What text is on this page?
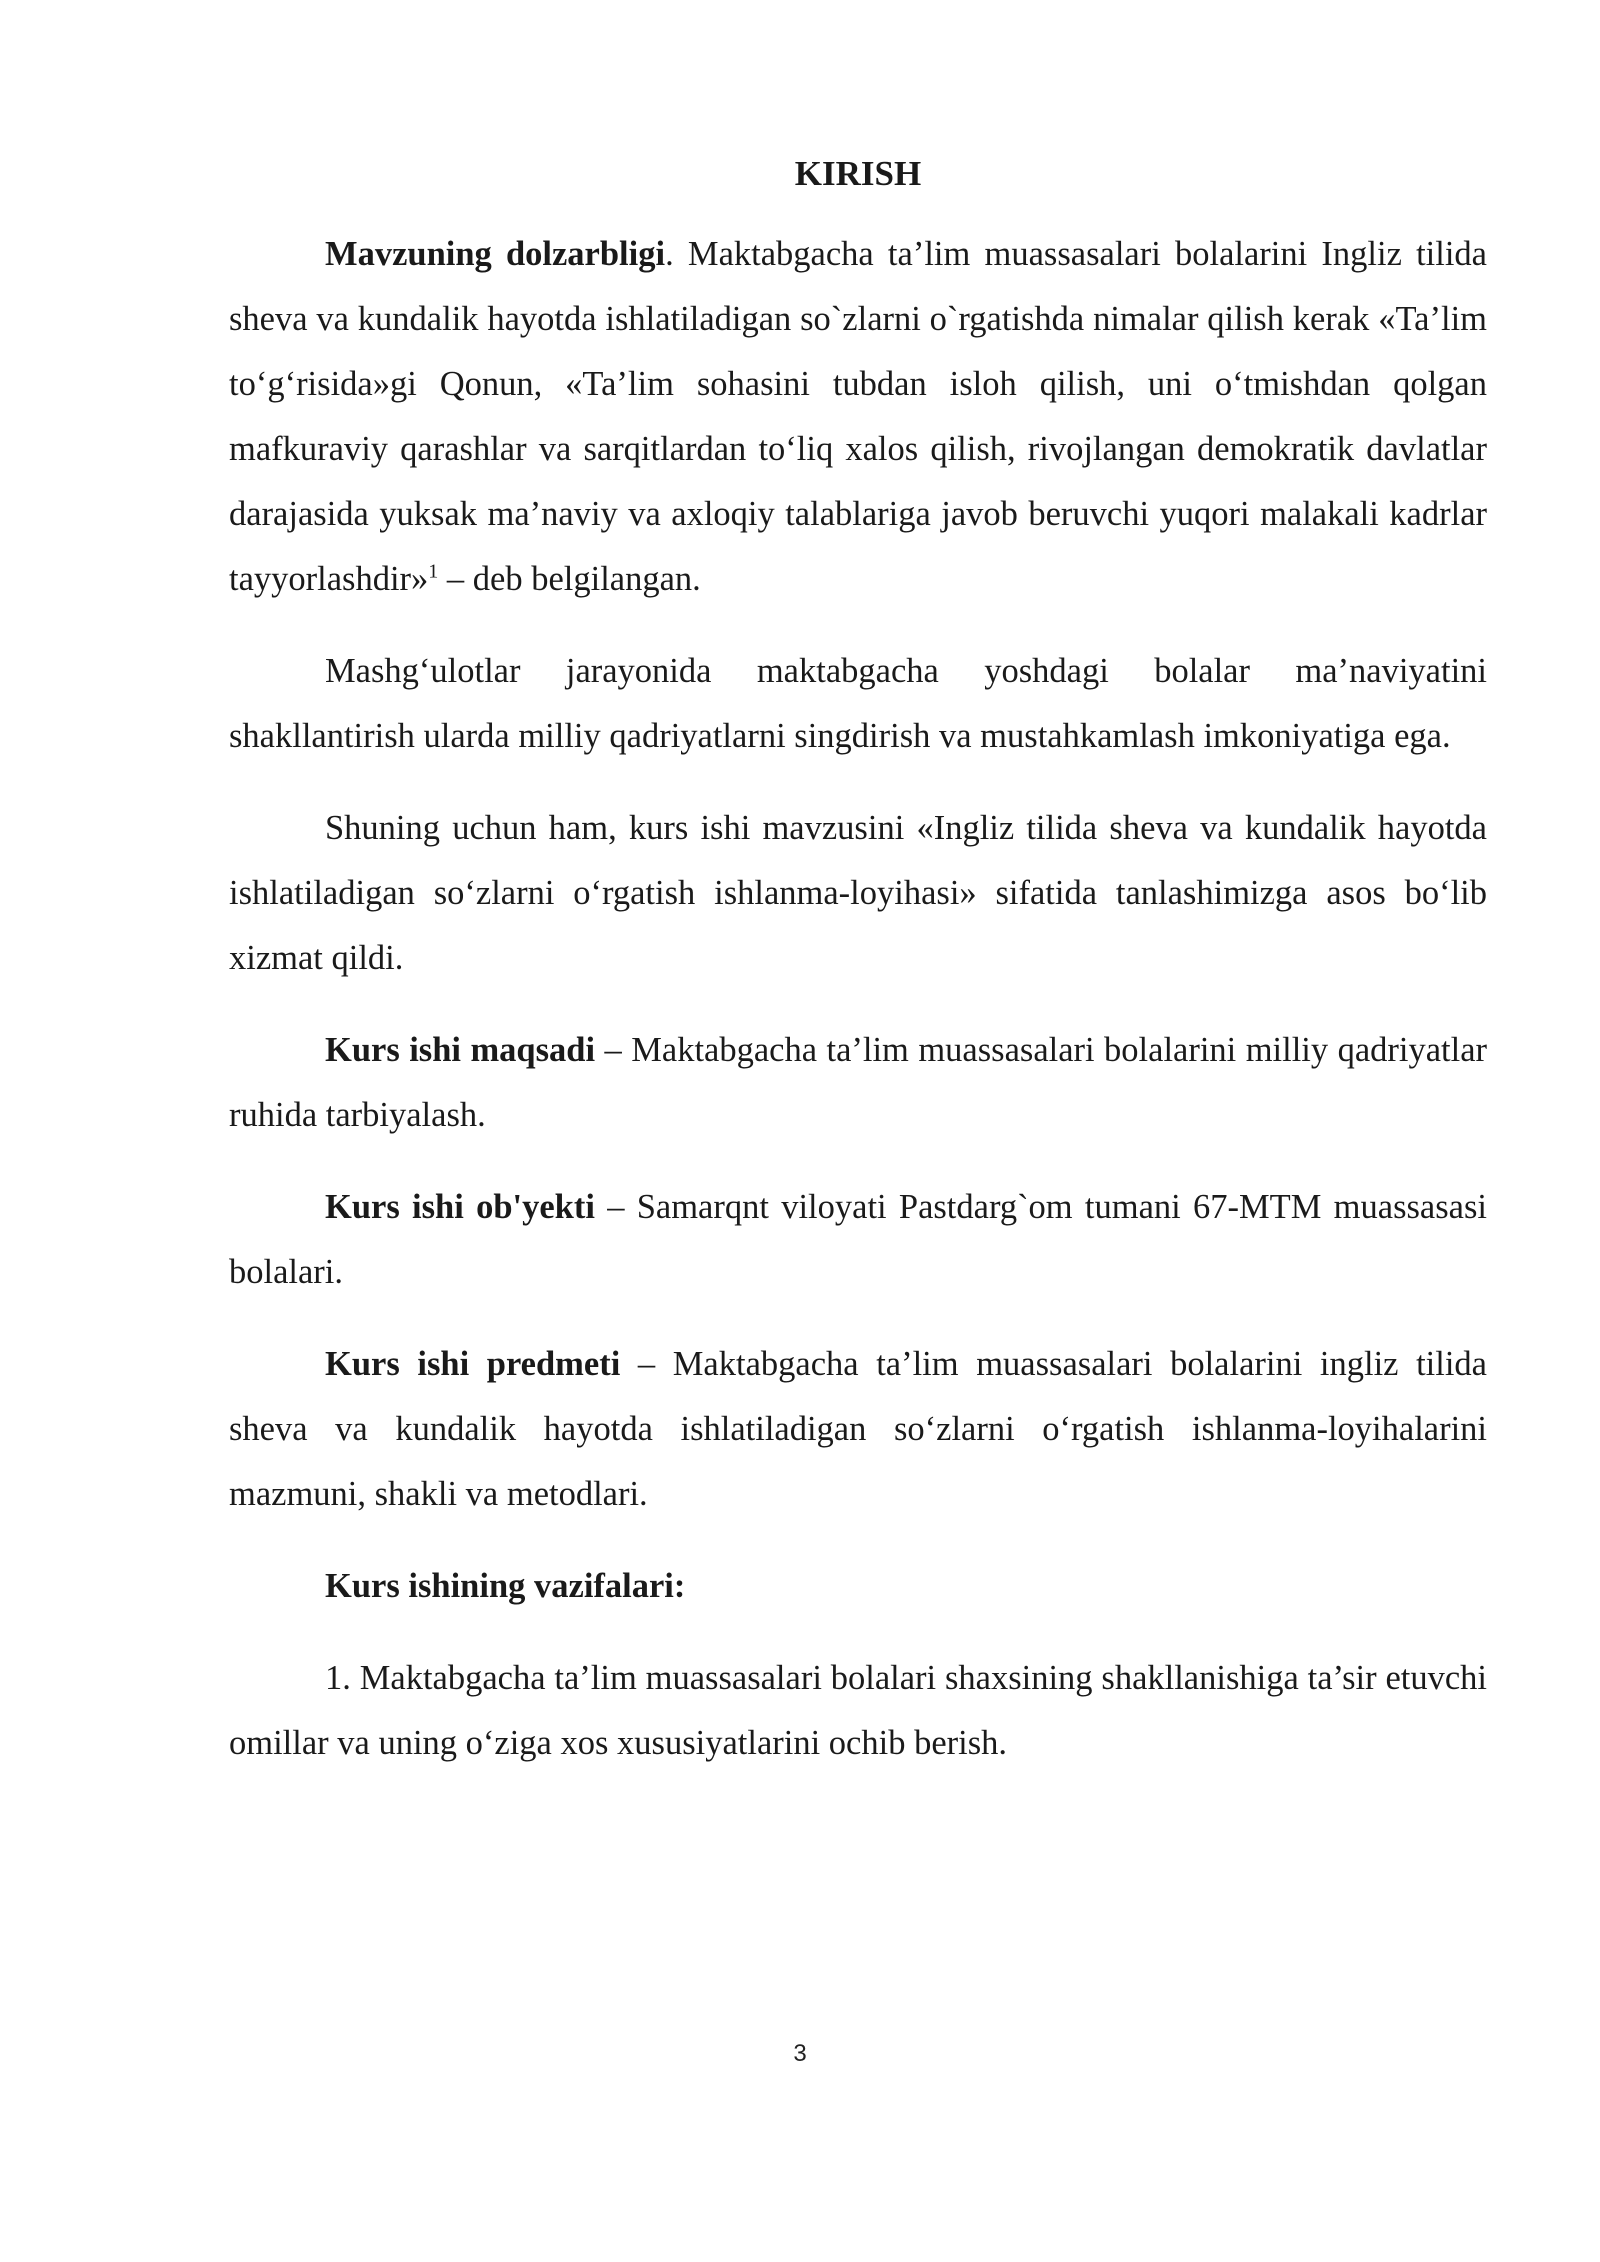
KIRISH

Mavzuning dolzarbligi. Maktabgacha ta’lim muassasalari bolalarini Ingliz tilida sheva va kundalik hayotda ishlatiladigan so`zlarni o`rgatishda nimalar qilish kerak «Ta’lim to‘g‘risida»gi Qonun, «Ta’lim sohasini tubdan isloh qilish, uni o‘tmishdan qolgan mafkuraviy qarashlar va sarqitlardan to‘liq xalos qilish, rivojlangan demokratik davlatlar darajasida yuksak ma’naviy va axloqiy talablariga javob beruvchi yuqori malakali kadrlar tayyorlashdir»$^1$ – deb belgilangan.

Mashg‘ulotlar jarayonida maktabgacha yoshdagi bolalar ma’naviyatini shakllantirish ularda milliy qadriyatlarni singdirish va mustahkamlash imkoniyatiga ega.

Shuning uchun ham, kurs ishi mavzusini «Ingliz tilida sheva va kundalik hayotda ishlatiladigan so‘zlarni o‘rgatish ishlanma-loyihasi» sifatida tanlashimizga asos bo‘lib xizmat qildi.

Kurs ishi maqsadi – Maktabgacha ta’lim muassasalari bolalarini milliy qadriyatlar ruhida tarbiyalash.

Kurs ishi ob'yekti – Samarqnt viloyati Pastdarg`om tumani 67-MTM muassasasi bolalari.

Kurs ishi predmeti – Maktabgacha ta’lim muassasalari bolalarini ingliz tilida sheva va kundalik hayotda ishlatiladigan so‘zlarni o‘rgatish ishlanma-loyihalarini mazmuni, shakli va metodlari.

Kurs ishining vazifalari:

1. Maktabgacha ta’lim muassasalari bolalari shaxsining shakllanishiga ta’sir etuvchi omillar va uning o‘ziga xos xususiyatlarini ochib berish.

3
